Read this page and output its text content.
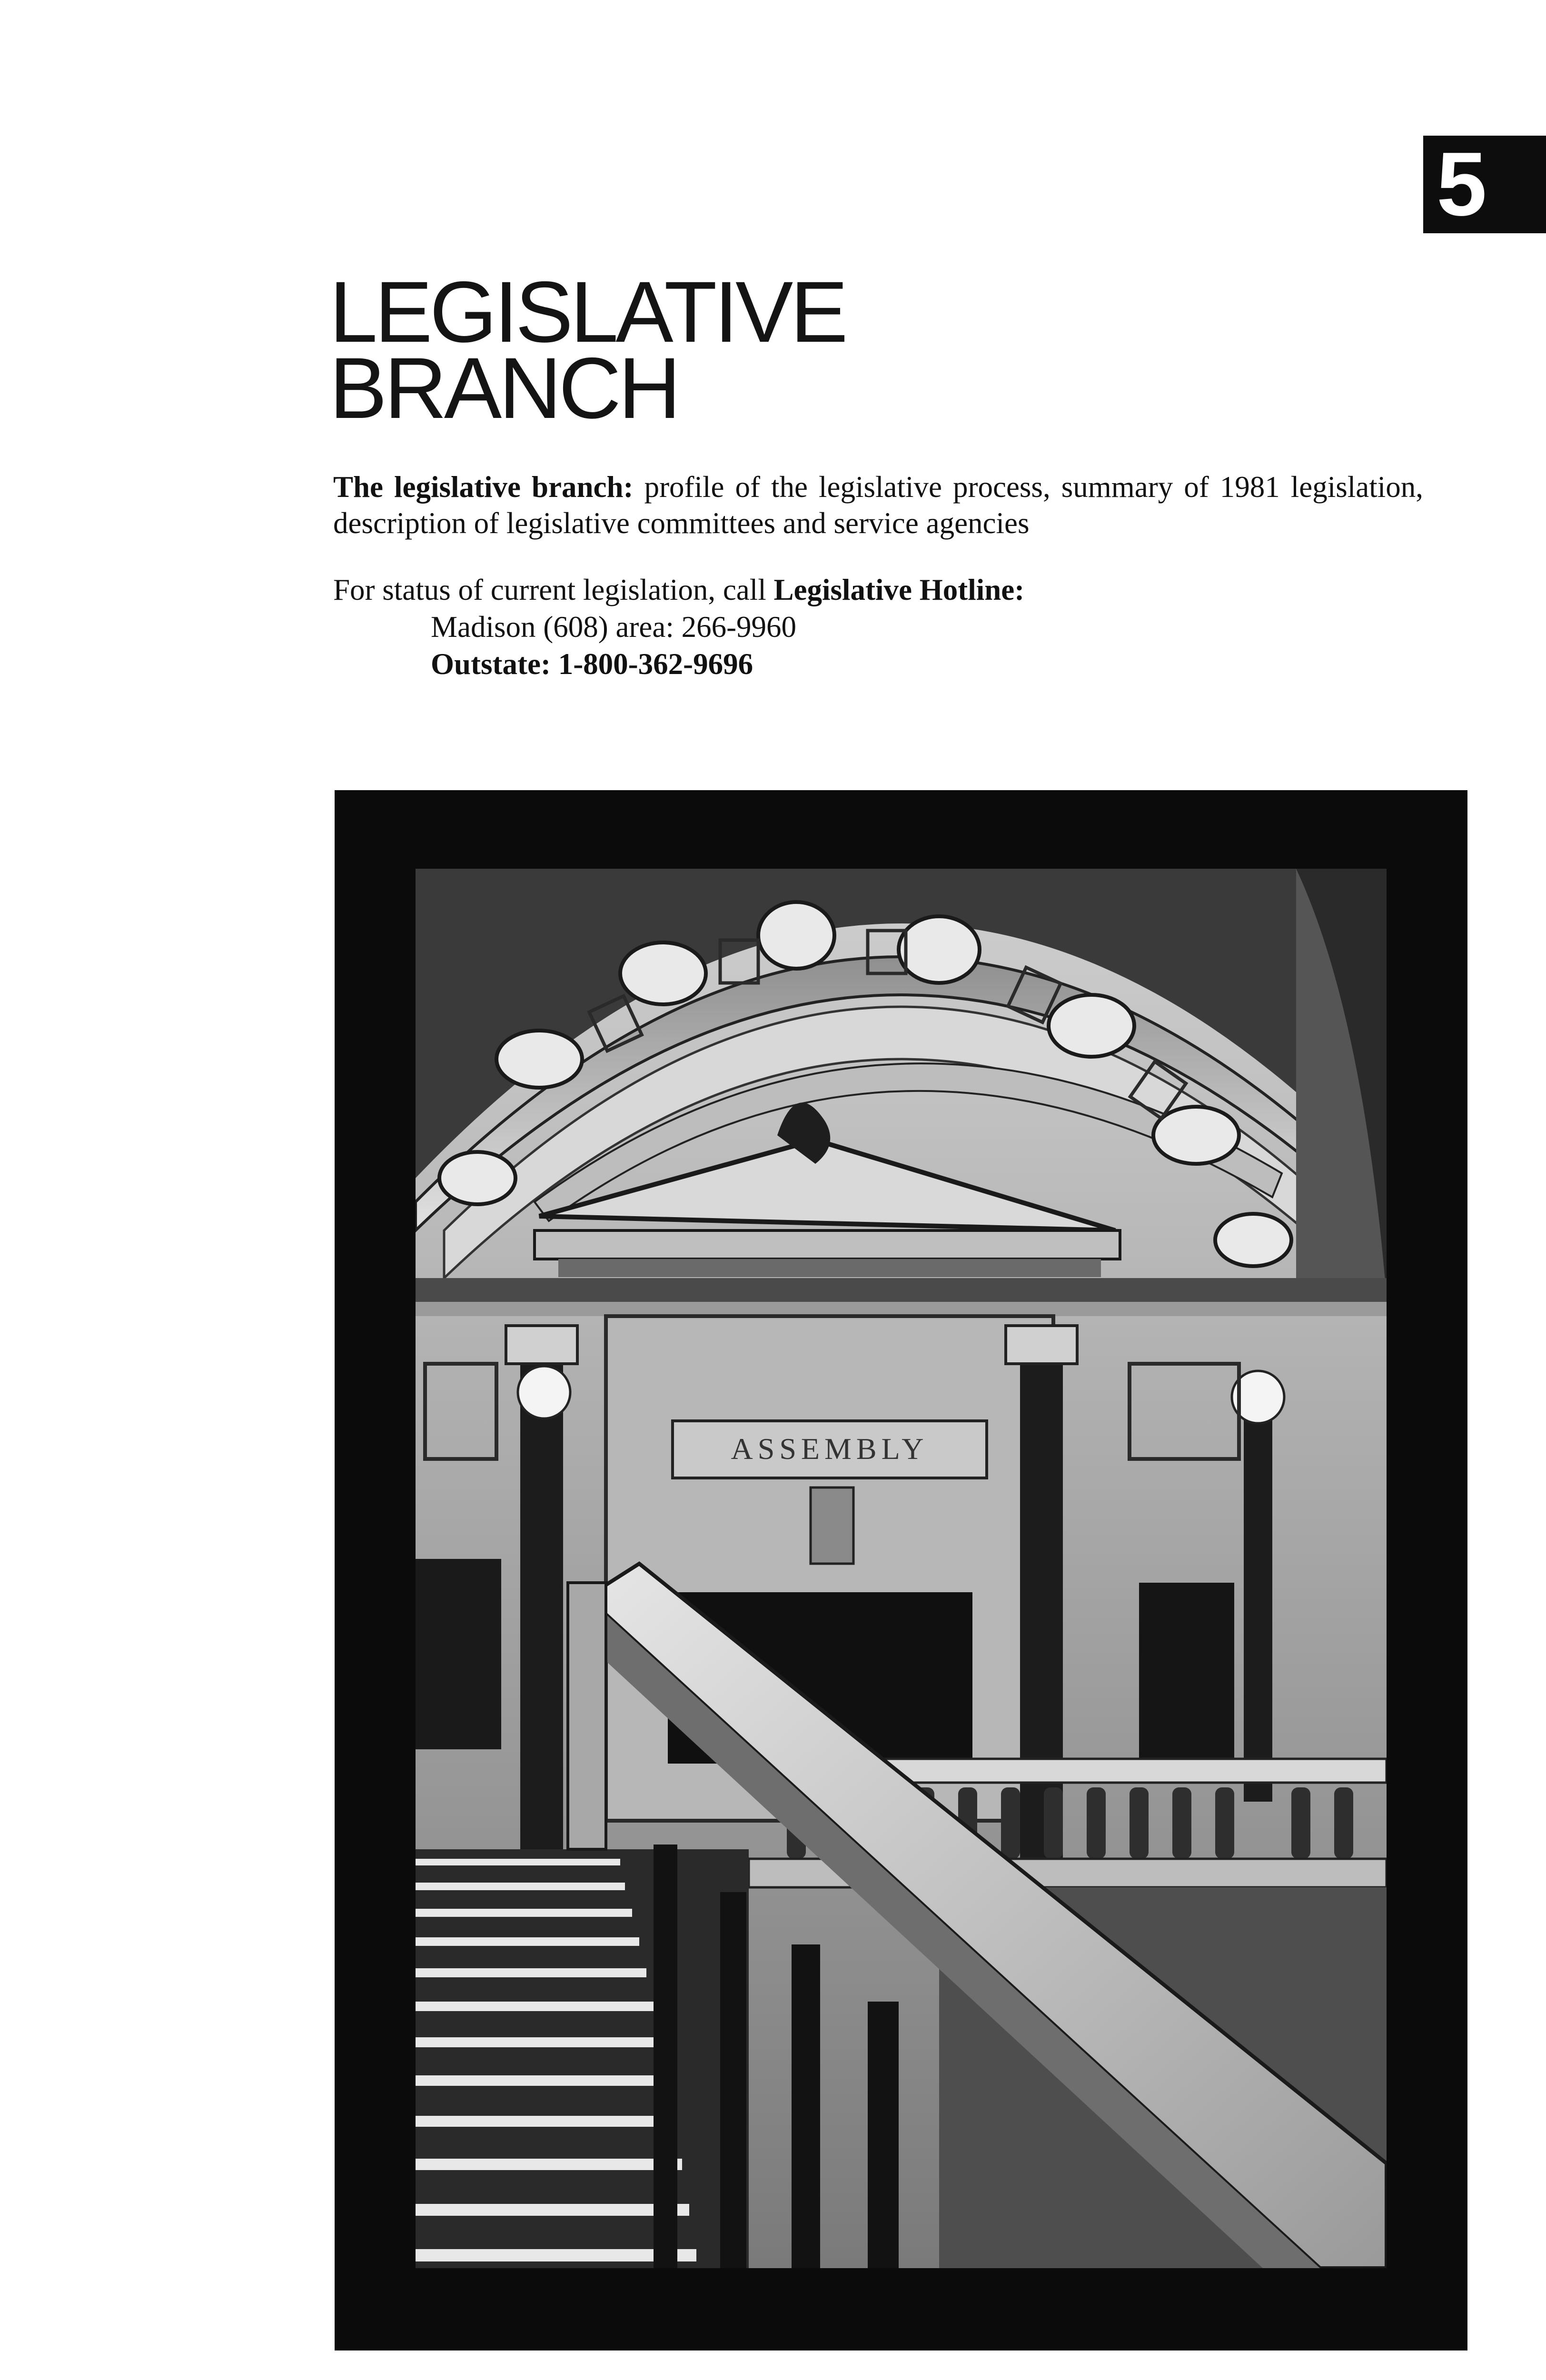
5
LEGISLATIVE
BRANCH

The legislative branch: profile of the legislative process, summary of 1981 legislation, description of legislative committees and service agencies

For status of current legislation, call Legislative Hotline:
Madison (608) area: 266-9960
Outstate: 1-800-362-9696
ASSEMBLY
